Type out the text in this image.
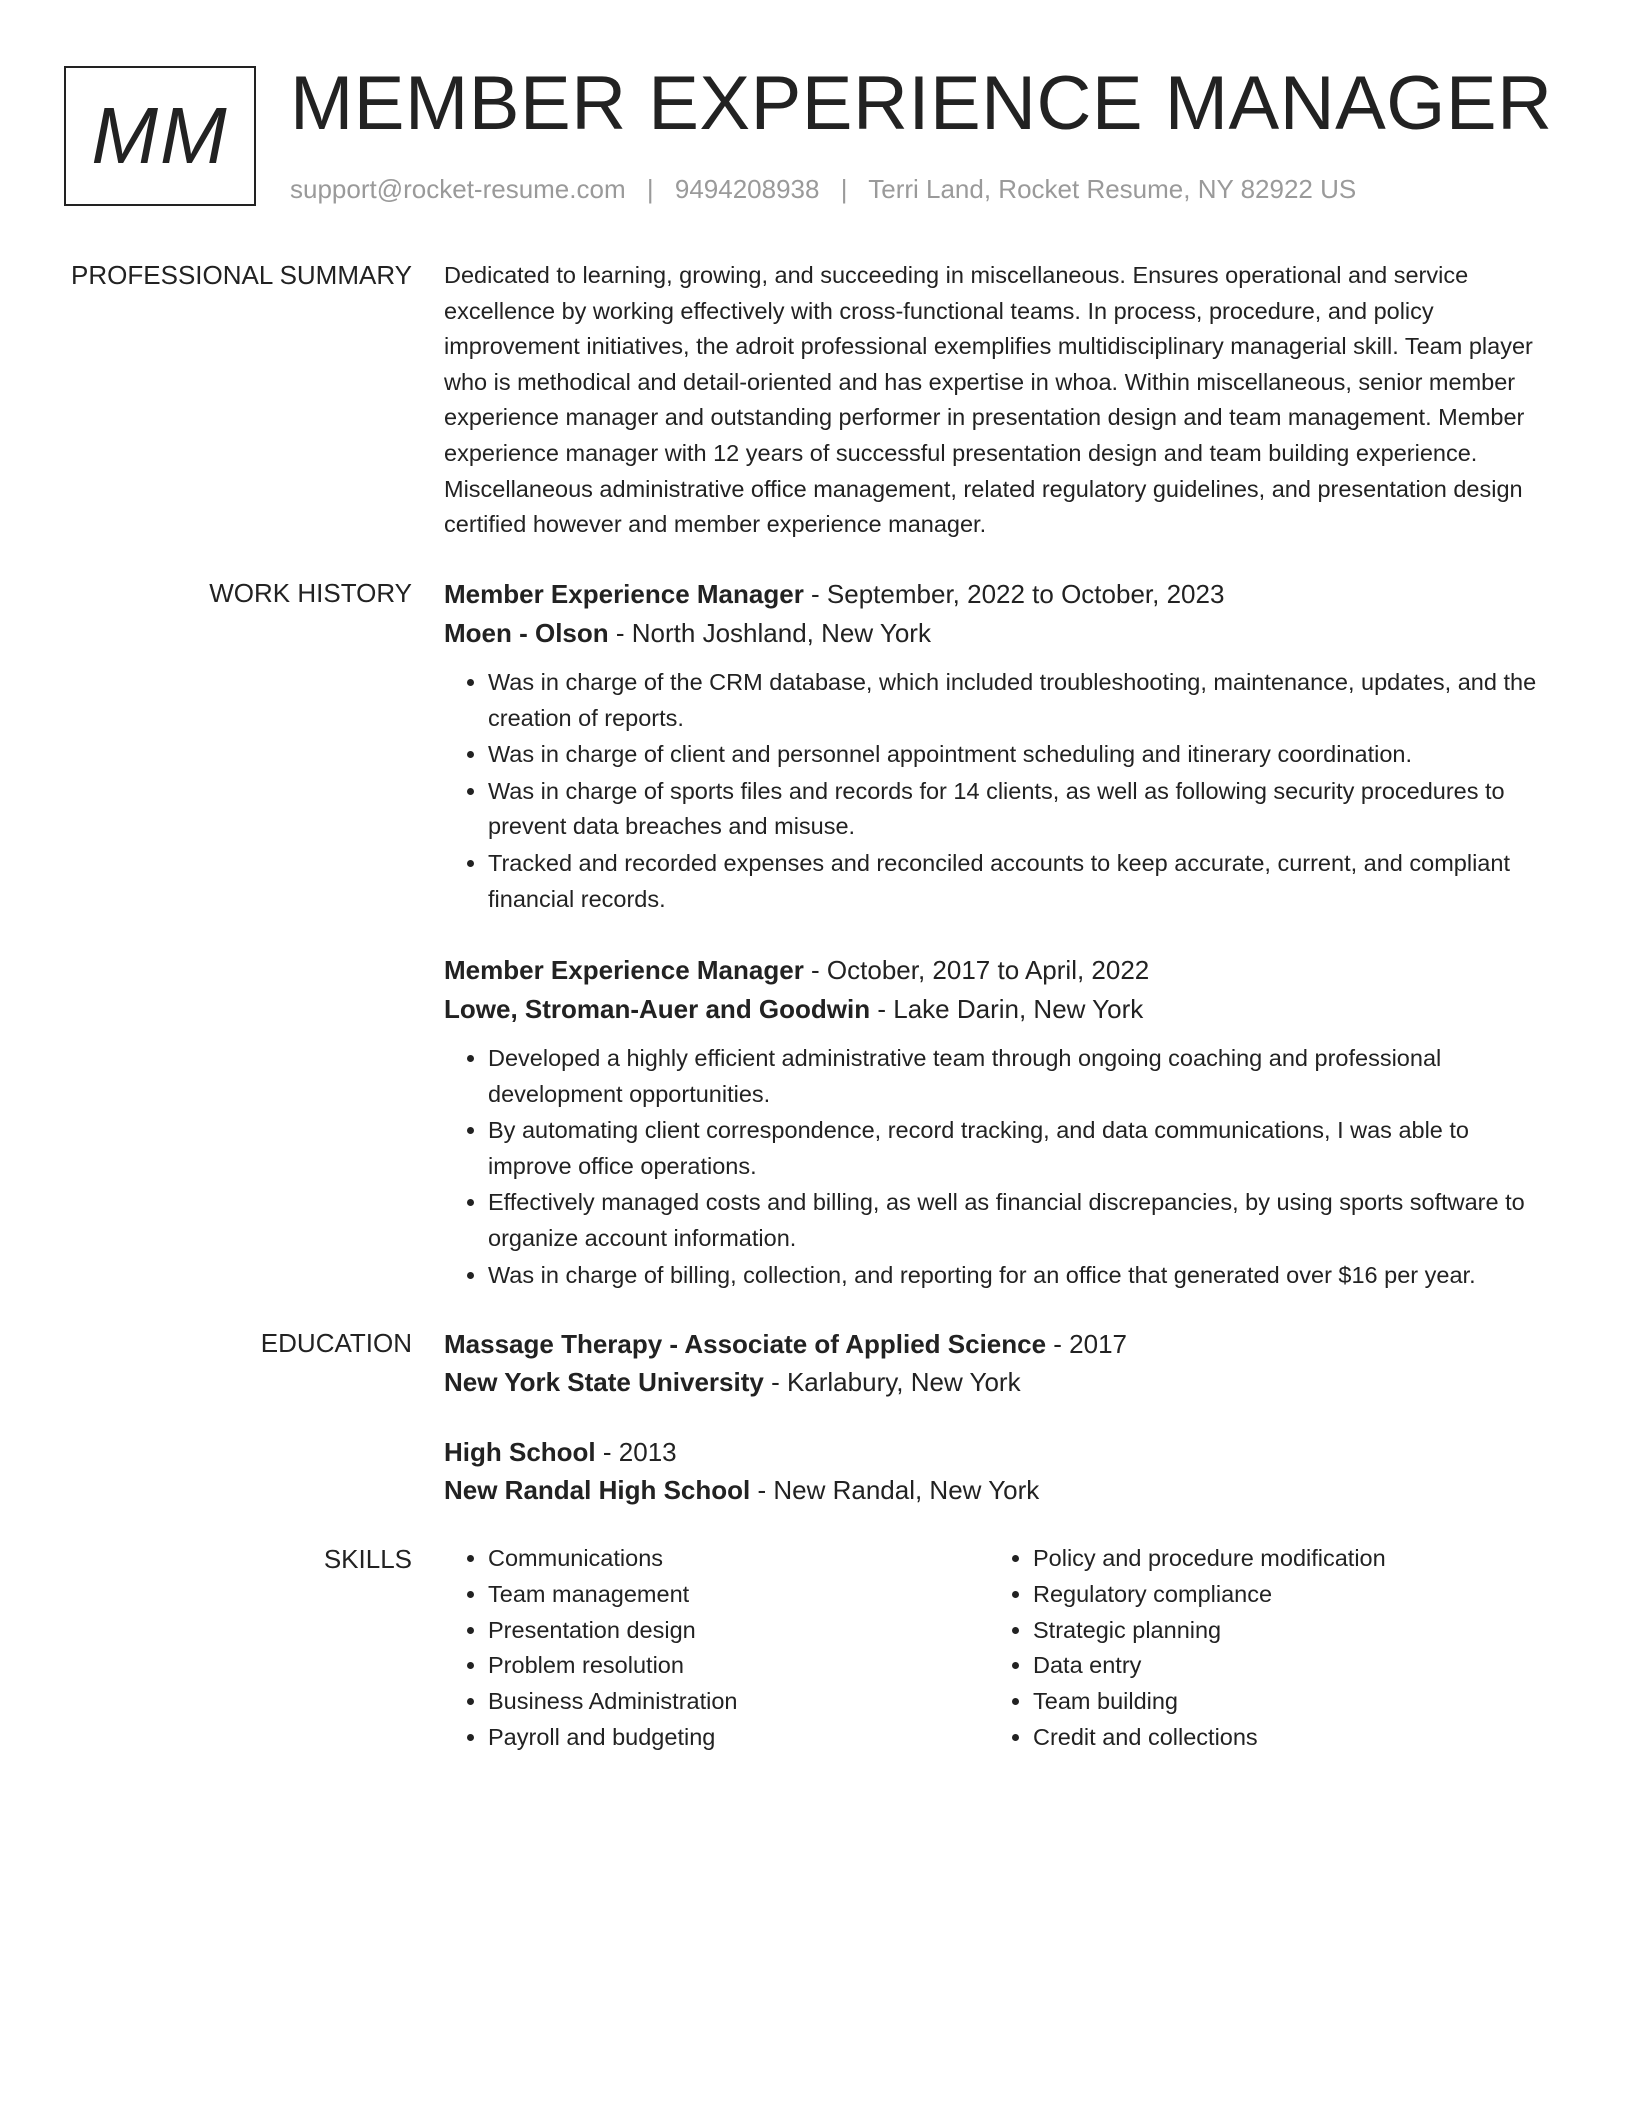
MM MEMBER EXPERIENCE MANAGER
support@rocket-resume.com | 9494208938 | Terri Land, Rocket Resume, NY 82922 US
PROFESSIONAL SUMMARY Dedicated to learning, growing, and succeeding in miscellaneous. Ensures operational and service excellence by working effectively with cross-functional teams. In process, procedure, and policy improvement initiatives, the adroit professional exemplifies multidisciplinary managerial skill. Team player who is methodical and detail-oriented and has expertise in whoa. Within miscellaneous, senior member experience manager and outstanding performer in presentation design and team management. Member experience manager with 12 years of successful presentation design and team building experience. Miscellaneous administrative office management, related regulatory guidelines, and presentation design certified however and member experience manager.

WORK HISTORY Member Experience Manager - September, 2022 to October, 2023
Moen - Olson - North Joshland, New York
• Was in charge of the CRM database, which included troubleshooting, maintenance, updates, and the creation of reports.
• Was in charge of client and personnel appointment scheduling and itinerary coordination.
• Was in charge of sports files and records for 14 clients, as well as following security procedures to prevent data breaches and misuse.
• Tracked and recorded expenses and reconciled accounts to keep accurate, current, and compliant financial records.
Member Experience Manager - October, 2017 to April, 2022
Lowe, Stroman-Auer and Goodwin - Lake Darin, New York
• Developed a highly efficient administrative team through ongoing coaching and professional development opportunities.
• By automating client correspondence, record tracking, and data communications, I was able to improve office operations.
• Effectively managed costs and billing, as well as financial discrepancies, by using sports software to organize account information.
• Was in charge of billing, collection, and reporting for an office that generated over $16 per year.
EDUCATION Massage Therapy - Associate of Applied Science - 2017
New York State University - Karlabury, New York
High School - 2013
New Randal High School - New Randal, New York
SKILLS
•	Communications
• Team management
• Presentation design
• Problem resolution
• Business Administration
• Payroll and budgeting
• Policy and procedure modification
• Regulatory compliance
• Strategic planning
• Data entry
• Team building
• Credit and collections
